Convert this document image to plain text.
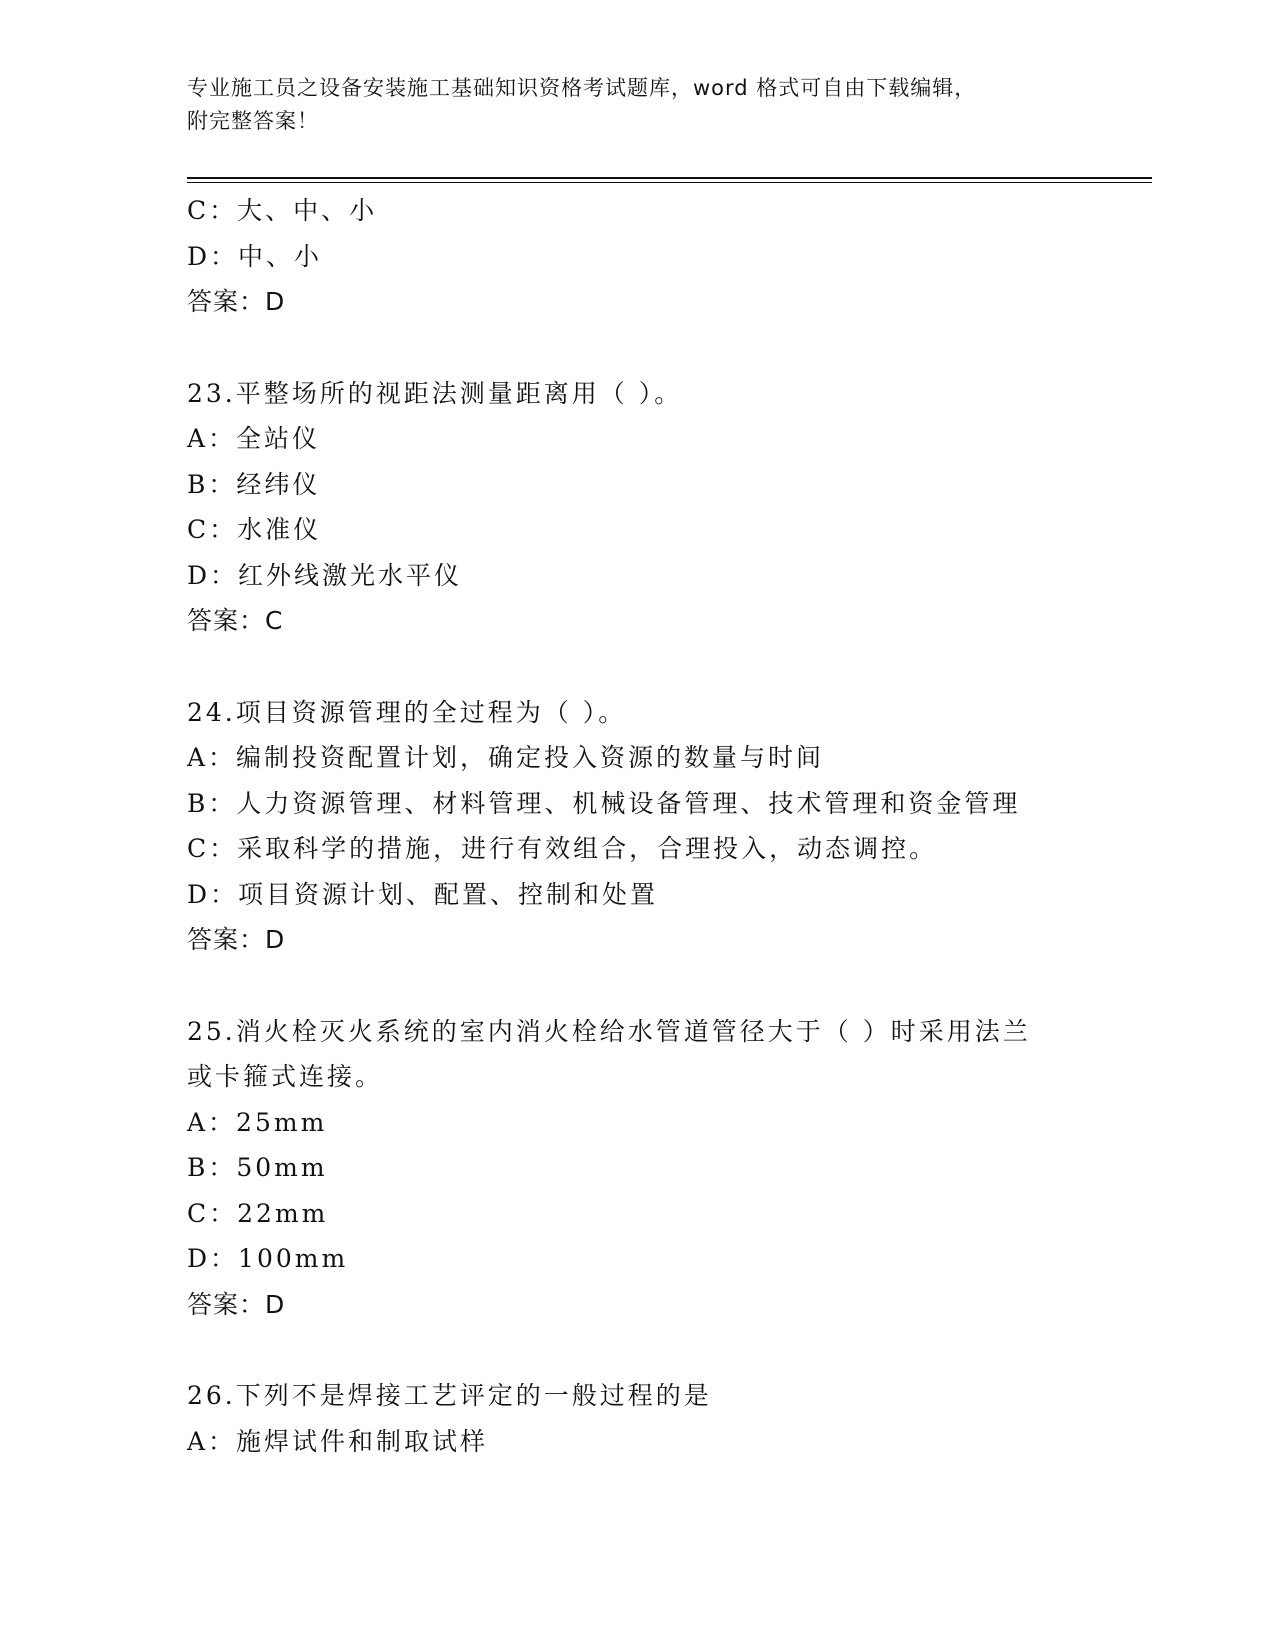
专业施工员之设备安装施工基础知识资格考试题库，word 格式可自由下载编辑，
附完整答案！
C：大、中、小
D：中、小
答案：D
23.平整场所的视距法测量距离用（ ）。
A：全站仪
B：经纬仪
C：水准仪
D：红外线激光水平仪
答案：C
24.项目资源管理的全过程为（ ）。
A：编制投资配置计划，确定投入资源的数量与时间
B：人力资源管理、材料管理、机械设备管理、技术管理和资金管理
C：采取科学的措施，进行有效组合，合理投入，动态调控。
D：项目资源计划、配置、控制和处置
答案：D
25.消火栓灭火系统的室内消火栓给水管道管径大于（ ）时采用法兰
或卡箍式连接。
A：25mm
B：50mm
C：22mm
D：100mm
答案：D
26.下列不是焊接工艺评定的一般过程的是
A：施焊试件和制取试样
